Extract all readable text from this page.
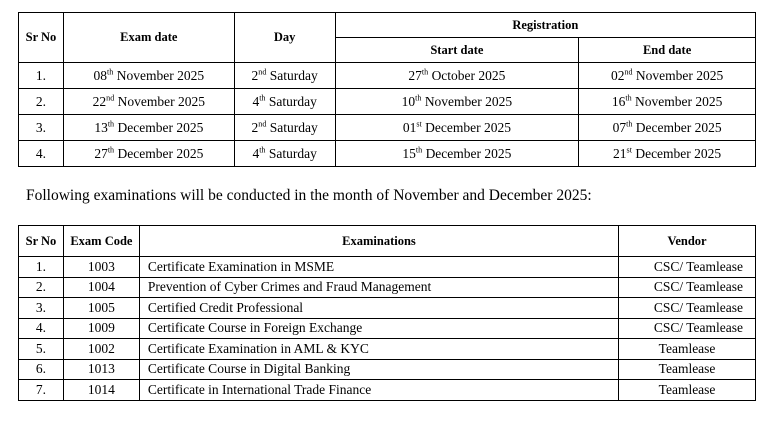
Sr No	Exam date	Day	Registration	
			Start date	End date
1.	08th November 2025	2nd Saturday	27th October 2025	02nd November 2025
2.	22nd November 2025	4th Saturday	10th November 2025	16th November 2025
3.	13th December 2025	2nd Saturday	01st December 2025	07th December 2025
4.	27th December 2025	4th Saturday	15th December 2025	21st December 2025

Following examinations will be conducted in the month of November and December 2025:

Sr No	Exam Code	Examinations	Vendor
1.	1003	Certificate Examination in MSME	CSC/ Teamlease
2.	1004	Prevention of Cyber Crimes and Fraud Management	CSC/ Teamlease
3.	1005	Certified Credit Professional	CSC/ Teamlease
4.	1009	Certificate Course in Foreign Exchange	CSC/ Teamlease
5.	1002	Certificate Examination in AML & KYC	Teamlease
6.	1013	Certificate Course in Digital Banking	Teamlease
7.	1014	Certificate in International Trade Finance	Teamlease
